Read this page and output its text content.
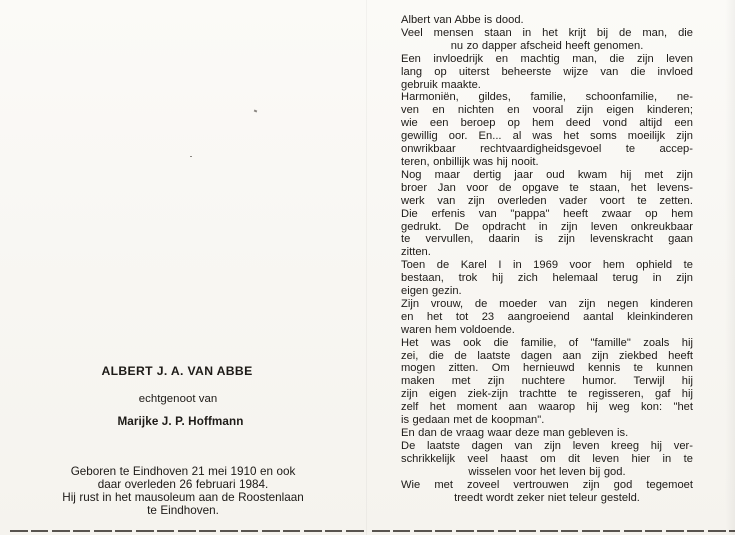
ALBERT J. A. VAN ABBE
echtgenoot van
Marijke J. P. Hoffmann
Geboren te Eindhoven 21 mei 1910 en ook
daar overleden 26 februari 1984.
Hij rust in het mausoleum aan de Roostenlaan
te Eindhoven.
Albert van Abbe is dood.
Veel mensen staan in het krijt bij de man, die
nu zo dapper afscheid heeft genomen.
Een invloedrijk en machtig man, die zijn leven
lang op uiterst beheerste wijze van die invloed
gebruik maakte.
Harmoniën, gildes, familie, schoonfamilie, ne-
ven en nichten en vooral zijn eigen kinderen;
wie een beroep op hem deed vond altijd een
gewillig oor. En... al was het soms moeilijk zijn
onwrikbaar rechtvaardigheidsgevoel te accep-
teren, onbillijk was hij nooit.
Nog maar dertig jaar oud kwam hij met zijn
broer Jan voor de opgave te staan, het levens-
werk van zijn overleden vader voort te zetten.
Die erfenis van "pappa" heeft zwaar op hem
gedrukt. De opdracht in zijn leven onkreukbaar
te vervullen, daarin is zijn levenskracht gaan
zitten.
Toen de Karel I in 1969 voor hem ophield te
bestaan, trok hij zich helemaal terug in zijn
eigen gezin.
Zijn vrouw, de moeder van zijn negen kinderen
en het tot 23 aangroeiend aantal kleinkinderen
waren hem voldoende.
Het was ook die familie, of "famille" zoals hij
zei, die de laatste dagen aan zijn ziekbed heeft
mogen zitten. Om hernieuwd kennis te kunnen
maken met zijn nuchtere humor. Terwijl hij
zijn eigen ziek-zijn trachtte te regisseren, gaf hij
zelf het moment aan waarop hij weg kon: "het
is gedaan met de koopman".
En dan de vraag waar deze man gebleven is.
De laatste dagen van zijn leven kreeg hij ver-
schrikkelijk veel haast om dit leven hier in te
wisselen voor het leven bij god.
Wie met zoveel vertrouwen zijn god tegemoet
treedt wordt zeker niet teleur gesteld.
